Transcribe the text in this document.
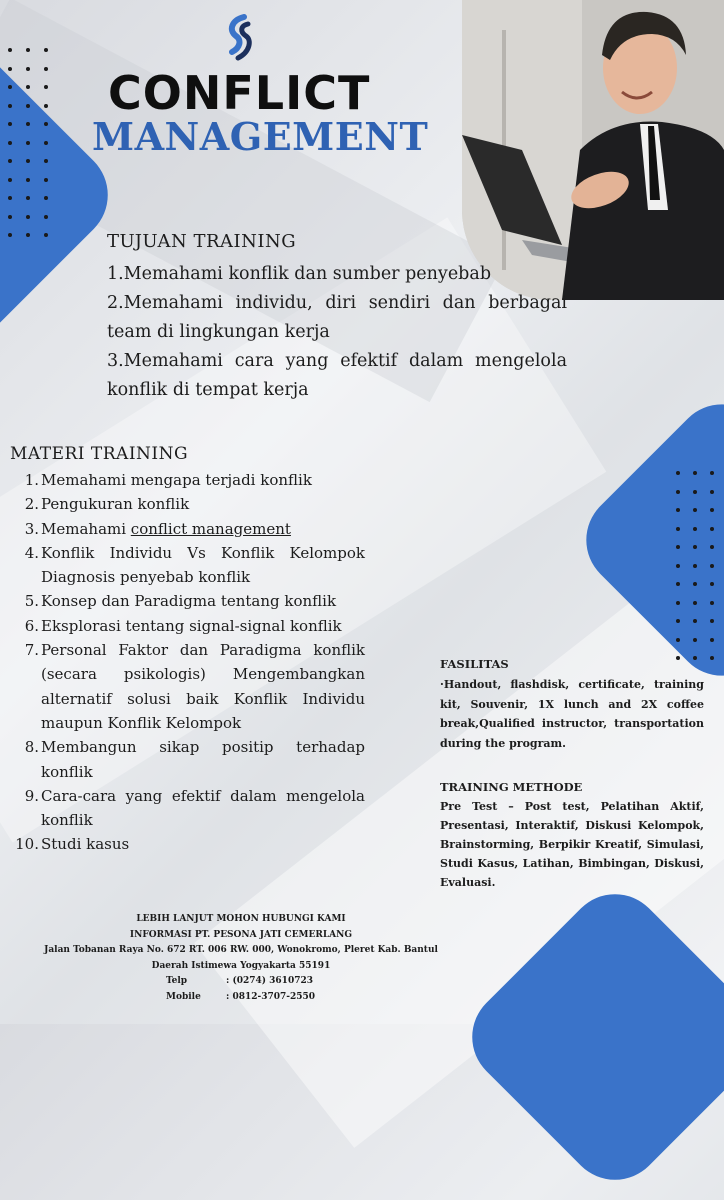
CONFLICT
MANAGEMENT
TUJUAN TRAINING
1.Memahami konflik dan sumber penyebab
2.Memahami individu, diri sendiri dan berbagai team di lingkungan kerja
3.Memahami cara yang efektif dalam mengelola konflik di tempat kerja
MATERI TRAINING
1. Memahami mengapa terjadi konflik
2. Pengukuran konflik
3. Memahami conflict management
4. Konflik Individu Vs Konflik Kelompok Diagnosis penyebab konflik
5. Konsep dan Paradigma tentang konflik
6. Eksplorasi tentang signal-signal konflik
7. Personal Faktor dan Paradigma konflik (secara psikologis) Mengembangkan alternatif solusi baik Konflik Individu maupun Konflik Kelompok
8. Membangun sikap positip terhadap konflik
9. Cara-cara yang efektif dalam mengelola konflik
10. Studi kasus
FASILITAS
·Handout, flashdisk, certificate, training kit, Souvenir, 1X lunch and 2X coffee break,Qualified instructor, transportation during the program.
TRAINING METHODE
Pre Test – Post test, Pelatihan Aktif, Presentasi, Interaktif, Diskusi Kelompok, Brainstorming, Berpikir Kreatif, Simulasi, Studi Kasus, Latihan, Bimbingan, Diskusi, Evaluasi.
LEBIH LANJUT MOHON HUBUNGI KAMI
INFORMASI PT. PESONA JATI CEMERLANG
Jalan Tobanan Raya No. 672 RT. 006 RW. 000, Wonokromo, Pleret Kab. Bantul
Daerah Istimewa Yogyakarta 55191
Telp	: (0274) 3610723
Mobile	: 0812-3707-2550
